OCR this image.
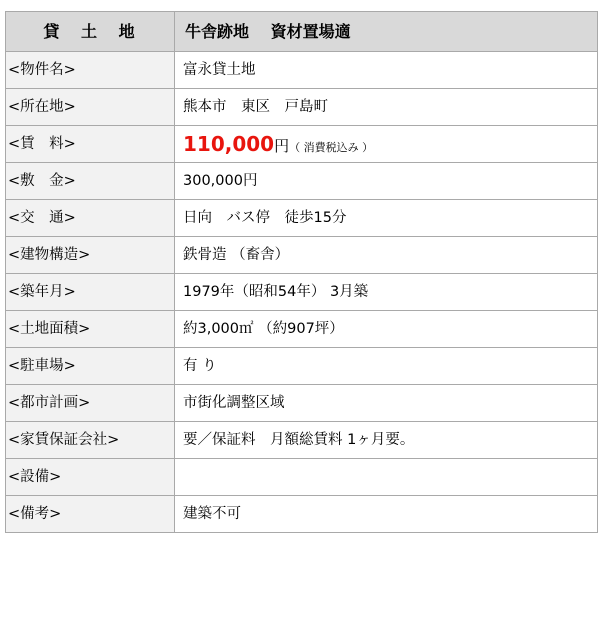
貸 土 地	牛舎跡地　 資材置場適
<物件名>	富永貸土地
<所在地>	熊本市　東区　戸島町
<賃　料>	110,000円（ 消費税込み ）
<敷　金>	300,000円
<交　通>	日向　バス停　徒歩15分
<建物構造>	鉄骨造 （畜舎）
<築年月>	1979年（昭和54年） 3月築
<土地面積>	約3,000㎡ （約907坪）
<駐車場>	有 り
<都市計画>	市街化調整区域
<家賃保証会社>	要／保証料　月額総賃料 1ヶ月要。
<設備>	
<備考>	建築不可
